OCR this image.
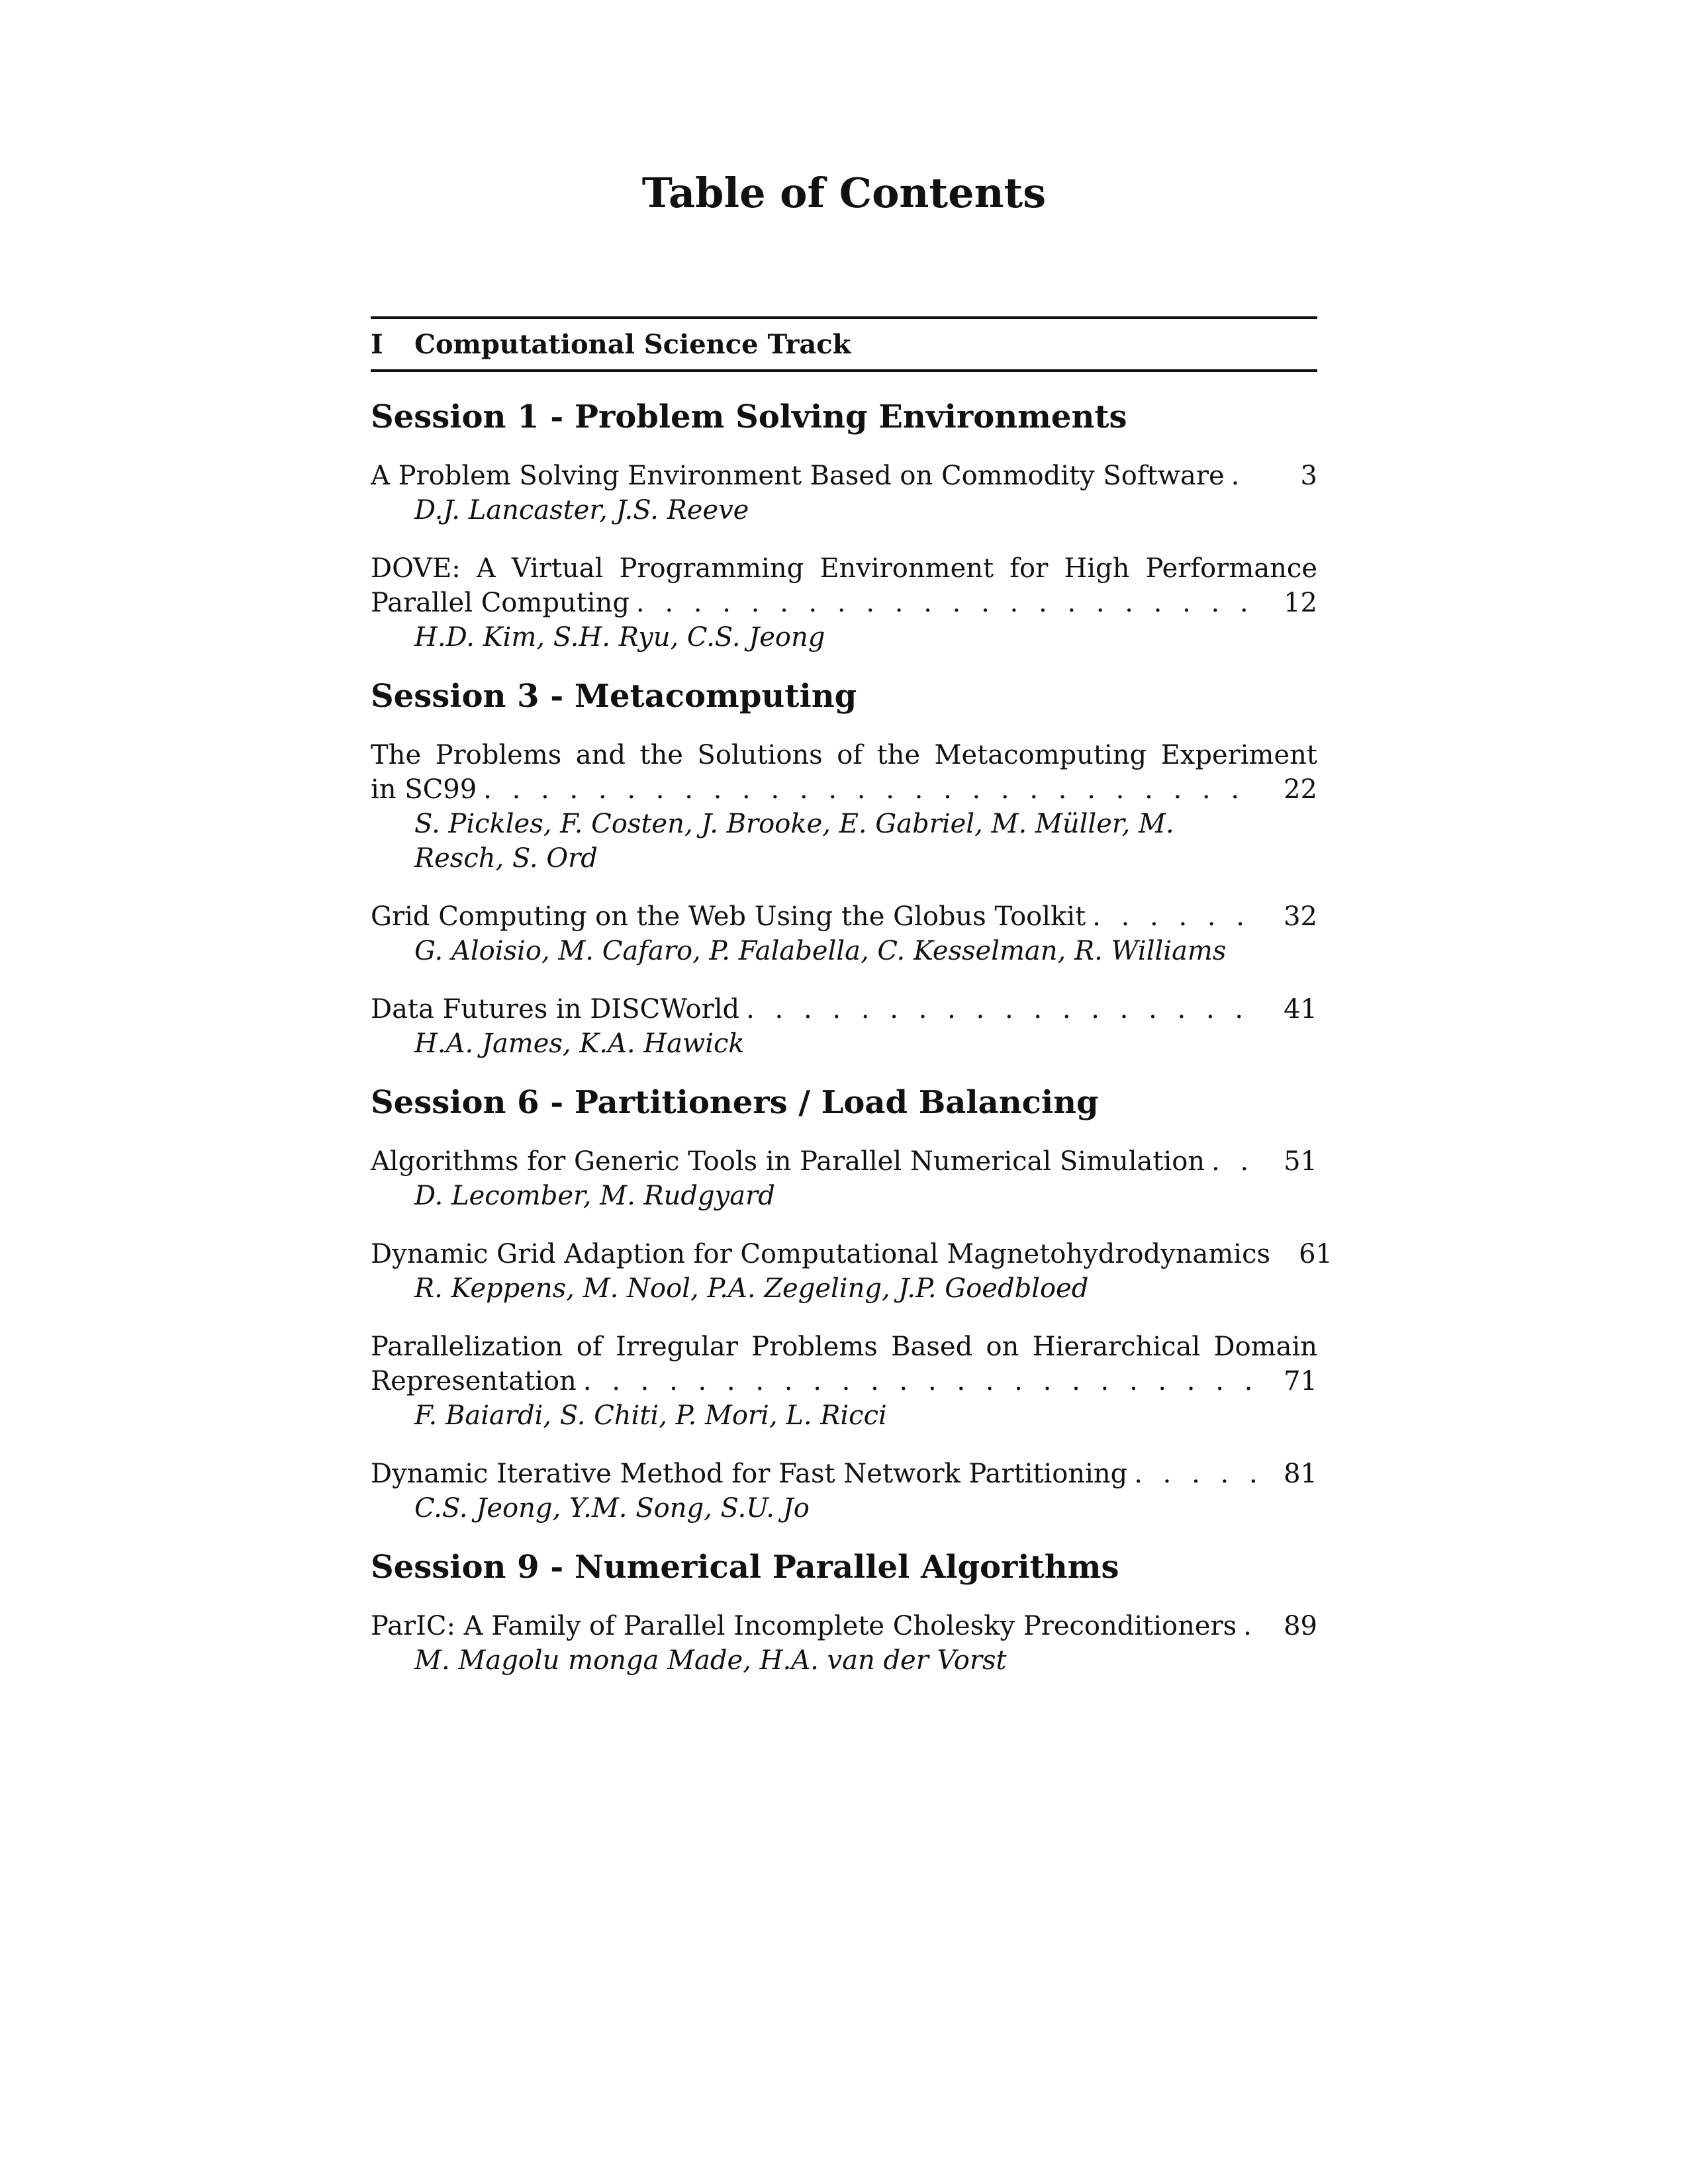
Table of Contents
I	Computational Science Track
Session 1 - Problem Solving Environments
A Problem Solving Environment Based on Commodity Software . . .	3
D.J. Lancaster, J.S. Reeve
DOVE: A Virtual Programming Environment for High Performance
Parallel Computing . . .	12
H.D. Kim, S.H. Ryu, C.S. Jeong
Session 3 - Metacomputing
The Problems and the Solutions of the Metacomputing Experiment
in SC99 . . .	22
S. Pickles, F. Costen, J. Brooke, E. Gabriel, M. Müller, M. Resch, S. Ord
Grid Computing on the Web Using the Globus Toolkit . . .	32
G. Aloisio, M. Cafaro, P. Falabella, C. Kesselman, R. Williams
Data Futures in DISCWorld . . .	41
H.A. James, K.A. Hawick
Session 6 - Partitioners / Load Balancing
Algorithms for Generic Tools in Parallel Numerical Simulation . . .	51
D. Lecomber, M. Rudgyard
Dynamic Grid Adaption for Computational Magnetohydrodynamics	61
R. Keppens, M. Nool, P.A. Zegeling, J.P. Goedbloed
Parallelization of Irregular Problems Based on Hierarchical Domain
Representation . . .	71
F. Baiardi, S. Chiti, P. Mori, L. Ricci
Dynamic Iterative Method for Fast Network Partitioning . . .	81
C.S. Jeong, Y.M. Song, S.U. Jo
Session 9 - Numerical Parallel Algorithms
ParIC: A Family of Parallel Incomplete Cholesky Preconditioners . . .	89
M. Magolu monga Made, H.A. van der Vorst
